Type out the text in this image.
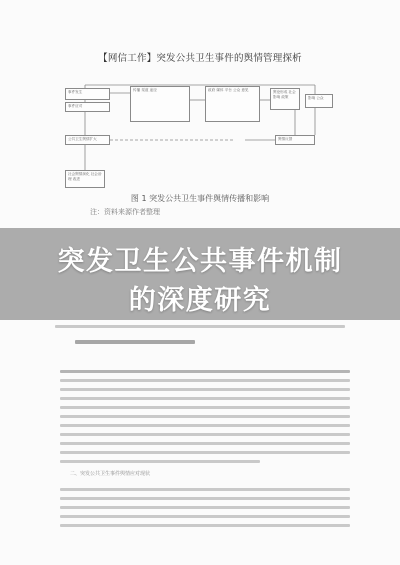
【网信工作】突发公共卫生事件的舆情管理探析
事件发生
事件应对
传播 渠道 途径	政府 媒体 平台 公众 意见	舆论形成 社会影响 政策	影响 公众
公共卫生舆情扩大	舆情反馈
社会舆情演化 社会治理 改进
图 1 突发公共卫生事件舆情传播和影响
注：资料来源作者整理
二、突发公共卫生事件舆情应对现状
突发卫生公共事件机制
的深度研究
